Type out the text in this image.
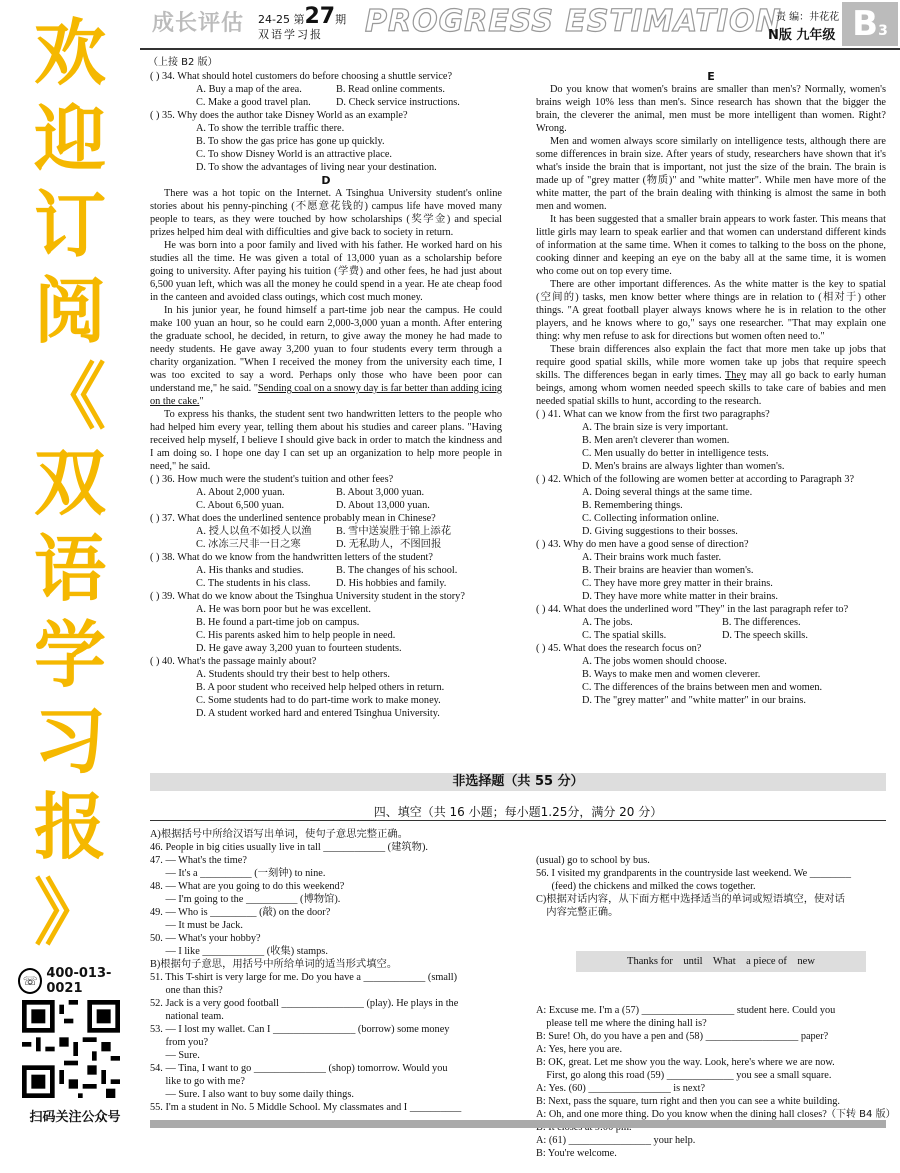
欢
迎
订
阅
《
双
语
学
习
报
》
☏ 400-013-0021
扫码关注公众号
成长评估 24-25 第27期
双语学习报 PROGRESS ESTIMATION
责 编：井花花
N版 九年级 B3
（上接 B2 版）
( ) 34. What should hotel customers do before choosing a shuttle service?
A. Buy a map of the area.	B. Read online comments.
C. Make a good travel plan.	D. Check service instructions.
( ) 35. Why does the author take Disney World as an example?
A. To show the terrible traffic there.
B. To show the gas price has gone up quickly.
C. To show Disney World is an attractive place.
D. To show the advantages of living near your destination.
D

There was a hot topic on the Internet. A Tsinghua University student's online stories about his penny-pinching (不愿意花钱的) campus life have moved many people to tears, as they were touched by how scholarships (奖学金) and special prizes helped him deal with difficulties and give back to society in return.

He was born into a poor family and lived with his father. He worked hard on his studies all the time. He was given a total of 13,000 yuan as a scholarship before going to university. After paying his tuition (学费) and other fees, he had just about 6,500 yuan left, which was all the money he could spend in a year. He ate cheap food in the canteen and avoided class outings, which cost much money.

In his junior year, he found himself a part-time job near the campus. He could make 100 yuan an hour, so he could earn 2,000-3,000 yuan a month. After entering the graduate school, he decided, in return, to give away the money he had made to needy students. He gave away 3,200 yuan to four students every term through a charity organization. "When I received the money from the university each time, I was too excited to say a word. Perhaps only those who have been poor can understand me," he said. "Sending coal on a snowy day is far better than adding icing on the cake."

To express his thanks, the student sent two handwritten letters to the people who had helped him every year, telling them about his studies and career plans. "Having received help myself, I believe I should give back in order to match the kindness and I am doing so. I hope one day I can set up an organization to help more people in need," he said.

( ) 36. How much were the student's tuition and other fees?
A. About 2,000 yuan.	B. About 3,000 yuan.
C. About 6,500 yuan.	D. About 13,000 yuan.
( ) 37. What does the underlined sentence probably mean in Chinese?
A. 授人以鱼不如授人以渔	B. 雪中送炭胜于锦上添花
C. 冰冻三尺非一日之寒	D. 无私助人，不图回报
( ) 38. What do we know from the handwritten letters of the student?
A. His thanks and studies.	B. The changes of his school.
C. The students in his class.	D. His hobbies and family.
( ) 39. What do we know about the Tsinghua University student in the story?
A. He was born poor but he was excellent.
B. He found a part-time job on campus.
C. His parents asked him to help people in need.
D. He gave away 3,200 yuan to fourteen students.
( ) 40. What's the passage mainly about?
A. Students should try their best to help others.
B. A poor student who received help helped others in return.
C. Some students had to do part-time work to make money.
D. A student worked hard and entered Tsinghua University.
E

Do you know that women's brains are smaller than men's? Normally, women's brains weigh 10% less than men's. Since research has shown that the bigger the brain, the cleverer the animal, men must be more intelligent than women. Right? Wrong.

Men and women always score similarly on intelligence tests, although there are some differences in brain size. After years of study, researchers have shown that it's what's inside the brain that is important, not just the size of the brain. The brain is made up of "grey matter (物质)" and "white matter". While men have more of the white matter, the part of the brain dealing with thinking is almost the same in both men and women.

It has been suggested that a smaller brain appears to work faster. This means that little girls may learn to speak earlier and that women can understand different kinds of information at the same time. When it comes to talking to the boss on the phone, cooking dinner and keeping an eye on the baby all at the same time, it is women who come out on top every time.

There are other important differences. As the white matter is the key to spatial (空间的) tasks, men know better where things are in relation to (相对于) other things. "A great football player always knows where he is in relation to the other players, and he knows where to go," says one researcher. "That may explain one thing: why men refuse to ask for directions but women often need to."

These brain differences also explain the fact that more men take up jobs that require good spatial skills, while more women take up jobs that require speech skills. The differences began in early times. They may all go back to early human beings, among whom women needed speech skills to take care of babies and men needed spatial skills to hunt, according to the research.

( ) 41. What can we know from the first two paragraphs?
A. The brain size is very important.
B. Men aren't cleverer than women.
C. Men usually do better in intelligence tests.
D. Men's brains are always lighter than women's.
( ) 42. Which of the following are women better at according to Paragraph 3?
A. Doing several things at the same time.
B. Remembering things.
C. Collecting information online.
D. Giving suggestions to their bosses.
( ) 43. Why do men have a good sense of direction?
A. Their brains work much faster.
B. Their brains are heavier than women's.
C. They have more grey matter in their brains.
D. They have more white matter in their brains.
( ) 44. What does the underlined word "They" in the last paragraph refer to?
A. The jobs.	B. The differences.
C. The spatial skills.	D. The speech skills.
( ) 45. What does the research focus on?
A. The jobs women should choose.
B. Ways to make men and women cleverer.
C. The differences of the brains between men and women.
D. The "grey matter" and "white matter" in our brains.
非选择题（共 55 分）
四、填空（共 16 小题；每小题1.25分，满分 20 分）
A)根据括号中所给汉语写出单词，使句子意思完整正确。
46. People in big cities usually live in tall ____________ (建筑物).
47. — What's the time?
— It's a __________ (一刻钟) to nine.
48. — What are you going to do this weekend?
— I'm going to the __________ (博物馆).
49. — Who is _________ (敲) on the door?
— It must be Jack.
50. — What's your hobby?
— I like ____________ (收集) stamps.
B)根据句子意思，用括号中所给单词的适当形式填空。
51. This T-shirt is very large for me. Do you have a ____________ (small)
one than this?
52. Jack is a very good football ________________ (play). He plays in the
national team.
53. — I lost my wallet. Can I ________________ (borrow) some money
from you?
— Sure.
54. — Tina, I want to go ______________ (shop) tomorrow. Would you
like to go with me?
— Sure. I also want to buy some daily things.
55. I'm a student in No. 5 Middle School. My classmates and I __________

(usual) go to school by bus.
56. I visited my grandparents in the countryside last weekend. We ________
(feed) the chickens and milked the cows together.
C)根据对话内容，从下面方框中选择适当的单词或短语填空，使对话
内容完整正确。

Thanks for    until    What    a piece of    new

A: Excuse me. I'm a (57) __________________ student here. Could you
please tell me where the dining hall is?
B: Sure! Oh, do you have a pen and (58) __________________ paper?
A: Yes, here you are.
B: OK, great. Let me show you the way. Look, here's where we are now.
First, go along this road (59) _____________ you see a small square.
A: Yes. (60) ________________ is next?
B: Next, pass the square, turn right and then you can see a white building.
A: Oh, and one more thing. Do you know when the dining hall closes?
A: (61) ________________ your help.
B: You're welcome.

（下转 B4 版）
